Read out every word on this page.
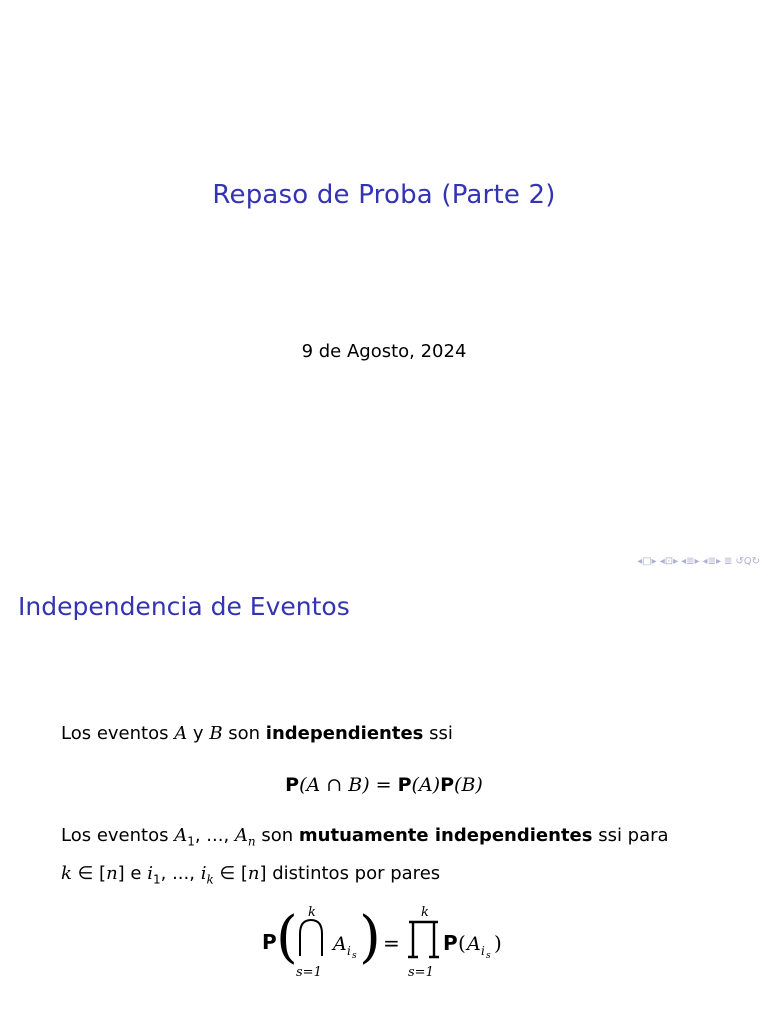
Repaso de Proba (Parte 2)
9 de Agosto, 2024
◂□▸ ◂⊡▸ ◂≣▸ ◂≣▸ ≣ ↺Q↻
Independencia de Eventos
Los eventos A y B son independientes ssi
P(A ∩ B) = P(A)P(B)
Los eventos $A_1$, ..., $A_n$ son mutuamente independientes ssi para
k ∈ [n] e $i_1$, ..., $i_k$ ∈ [n] distintos por pares
P ( k
s=1
A i s ) =
k
s=1
P ( A i s
)
